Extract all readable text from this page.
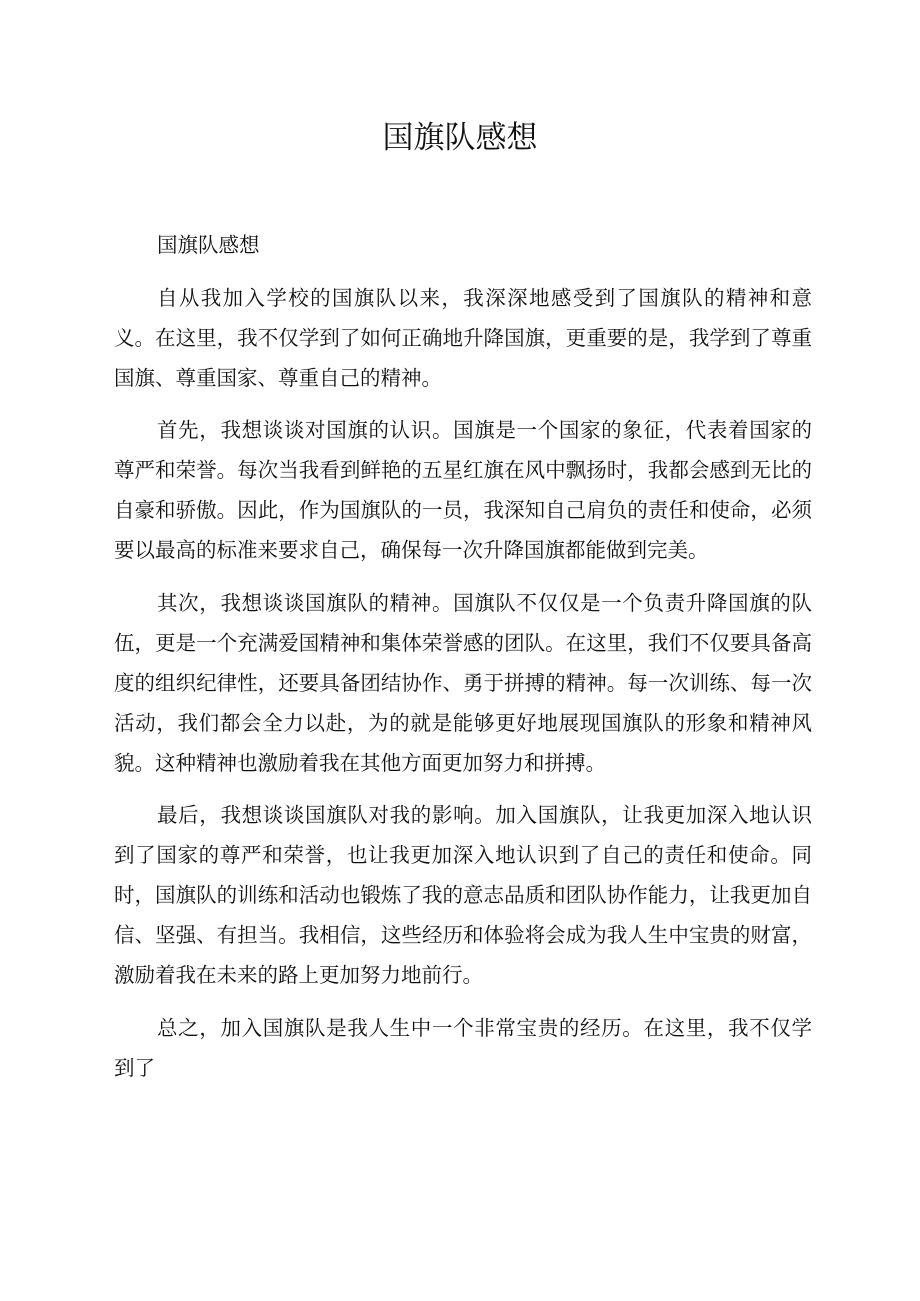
国旗队感想
国旗队感想

自从我加入学校的国旗队以来，我深深地感受到了国旗队的精神和意义。在这里，我不仅学到了如何正确地升降国旗，更重要的是，我学到了尊重国旗、尊重国家、尊重自己的精神。

首先，我想谈谈对国旗的认识。国旗是一个国家的象征，代表着国家的尊严和荣誉。每次当我看到鲜艳的五星红旗在风中飘扬时，我都会感到无比的自豪和骄傲。因此，作为国旗队的一员，我深知自己肩负的责任和使命，必须要以最高的标准来要求自己，确保每一次升降国旗都能做到完美。

其次，我想谈谈国旗队的精神。国旗队不仅仅是一个负责升降国旗的队伍，更是一个充满爱国精神和集体荣誉感的团队。在这里，我们不仅要具备高度的组织纪律性，还要具备团结协作、勇于拼搏的精神。每一次训练、每一次活动，我们都会全力以赴，为的就是能够更好地展现国旗队的形象和精神风貌。这种精神也激励着我在其他方面更加努力和拼搏。

最后，我想谈谈国旗队对我的影响。加入国旗队，让我更加深入地认识到了国家的尊严和荣誉，也让我更加深入地认识到了自己的责任和使命。同时，国旗队的训练和活动也锻炼了我的意志品质和团队协作能力，让我更加自信、坚强、有担当。我相信，这些经历和体验将会成为我人生中宝贵的财富，激励着我在未来的路上更加努力地前行。

总之，加入国旗队是我人生中一个非常宝贵的经历。在这里，我不仅学到了
